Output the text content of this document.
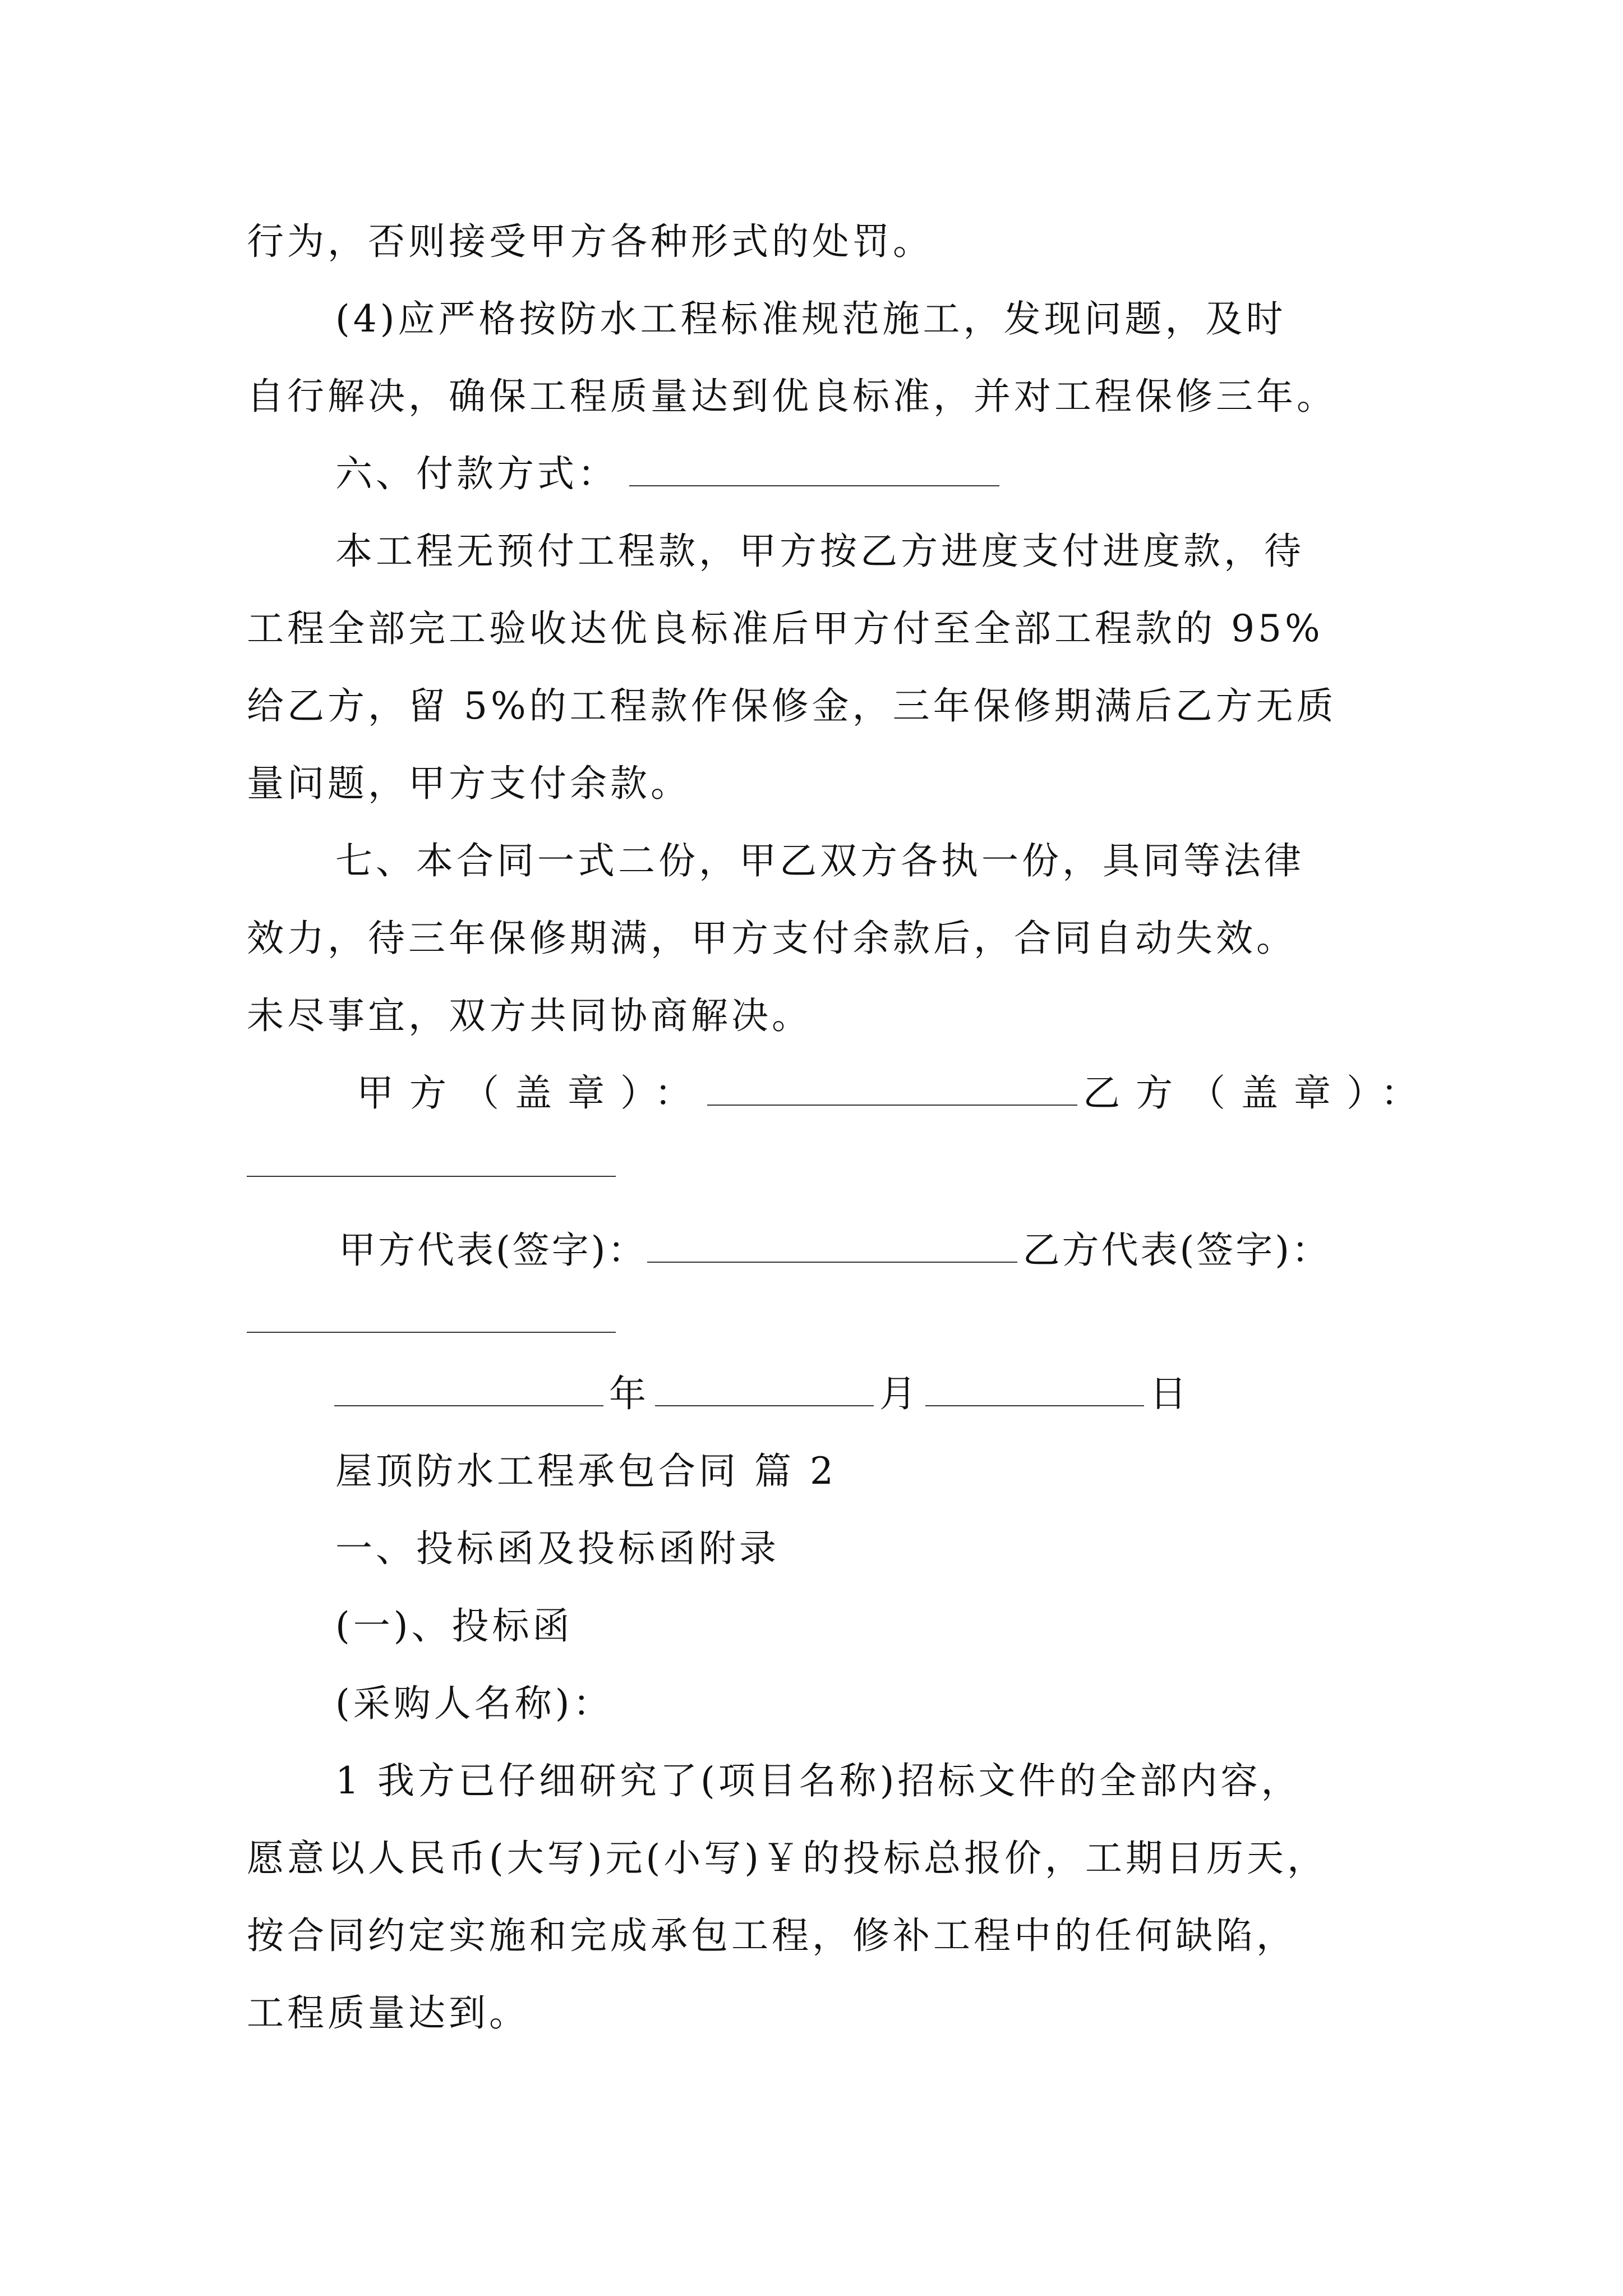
行为，否则接受甲方各种形式的处罚。
(4)应严格按防水工程标准规范施工，发现问题，及时
自行解决，确保工程质量达到优良标准，并对工程保修三年。
六、付款方式：
本工程无预付工程款，甲方按乙方进度支付进度款，待
工程全部完工验收达优良标准后甲方付至全部工程款的 95%
给乙方，留 5%的工程款作保修金，三年保修期满后乙方无质
量问题，甲方支付余款。
七、本合同一式二份，甲乙双方各执一份，具同等法律
效力，待三年保修期满，甲方支付余款后，合同自动失效。
未尽事宜，双方共同协商解决。
甲方（盖章）：	乙方（盖章）：
甲方代表(签字)：	乙方代表(签字)：
年	月	日
屋顶防水工程承包合同 篇 2
一、投标函及投标函附录
(一)、投标函
(采购人名称)：
1 我方已仔细研究了(项目名称)招标文件的全部内容，
愿意以人民币(大写)元(小写)￥的投标总报价，工期日历天，
按合同约定实施和完成承包工程，修补工程中的任何缺陷，
工程质量达到。
